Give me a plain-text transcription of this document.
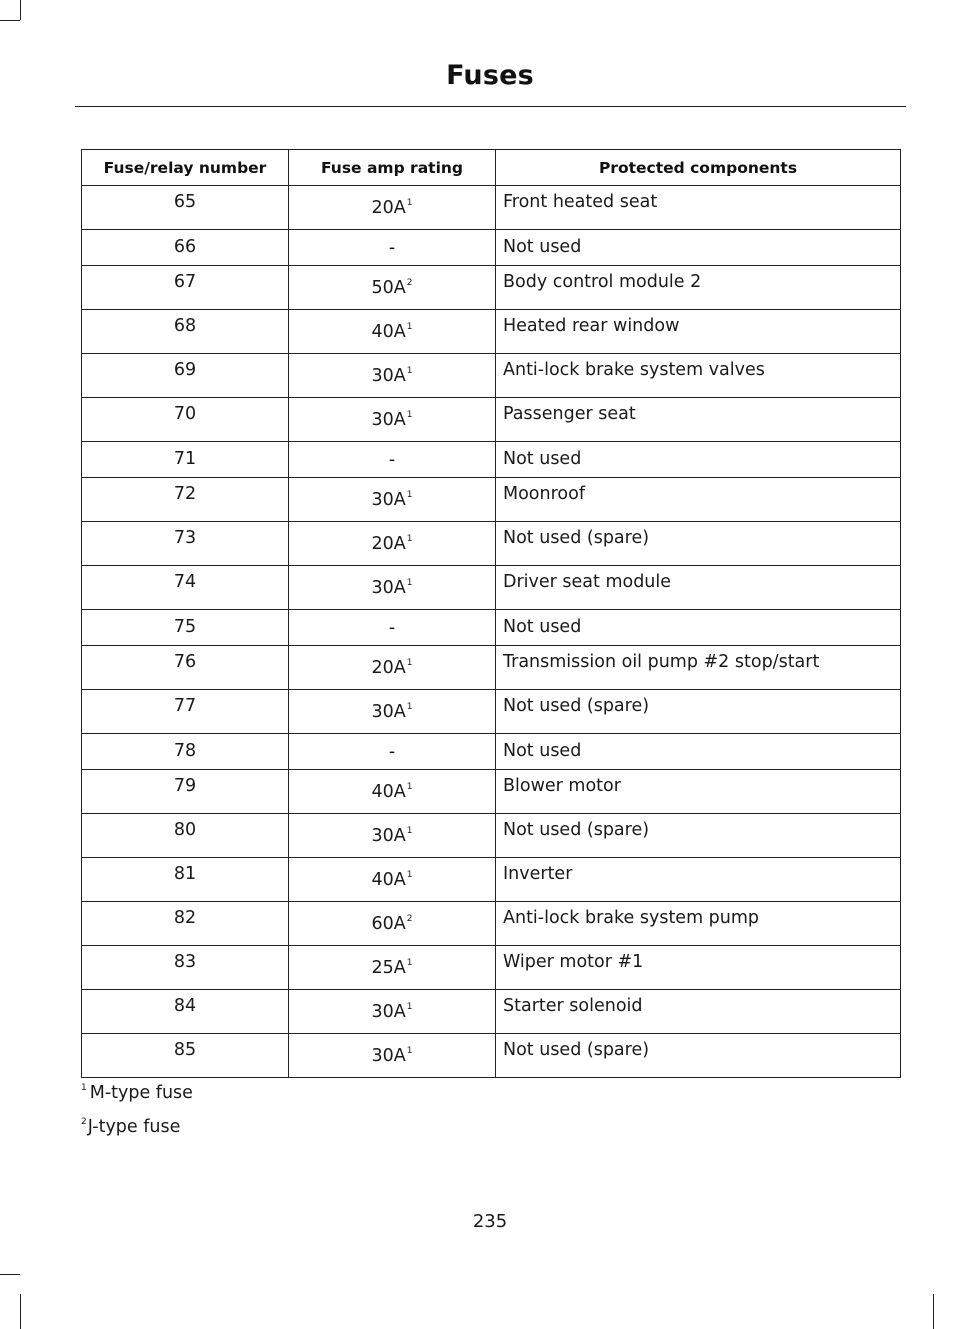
Fuses
Fuse/relay number	Fuse amp rating	Protected components
65	$20A^1$	Front heated seat
66	-	Not used
67	$50A^2$	Body control module 2
68	$40A^1$	Heated rear window
69	$30A^1$	Anti-lock brake system valves
70	$30A^1$	Passenger seat
71	-	Not used
72	$30A^1$	Moonroof
73	$20A^1$	Not used (spare)
74	$30A^1$	Driver seat module
75	-	Not used
76	$20A^1$	Transmission oil pump #2 stop/start
77	$30A^1$	Not used (spare)
78	-	Not used
79	$40A^1$	Blower motor
80	$30A^1$	Not used (spare)
81	$40A^1$	Inverter
82	$60A^2$	Anti-lock brake system pump
83	$25A^1$	Wiper motor #1
84	$30A^1$	Starter solenoid
85	$30A^1$	Not used (spare)
$^1$ M-type fuse
$^2$J-type fuse
235
